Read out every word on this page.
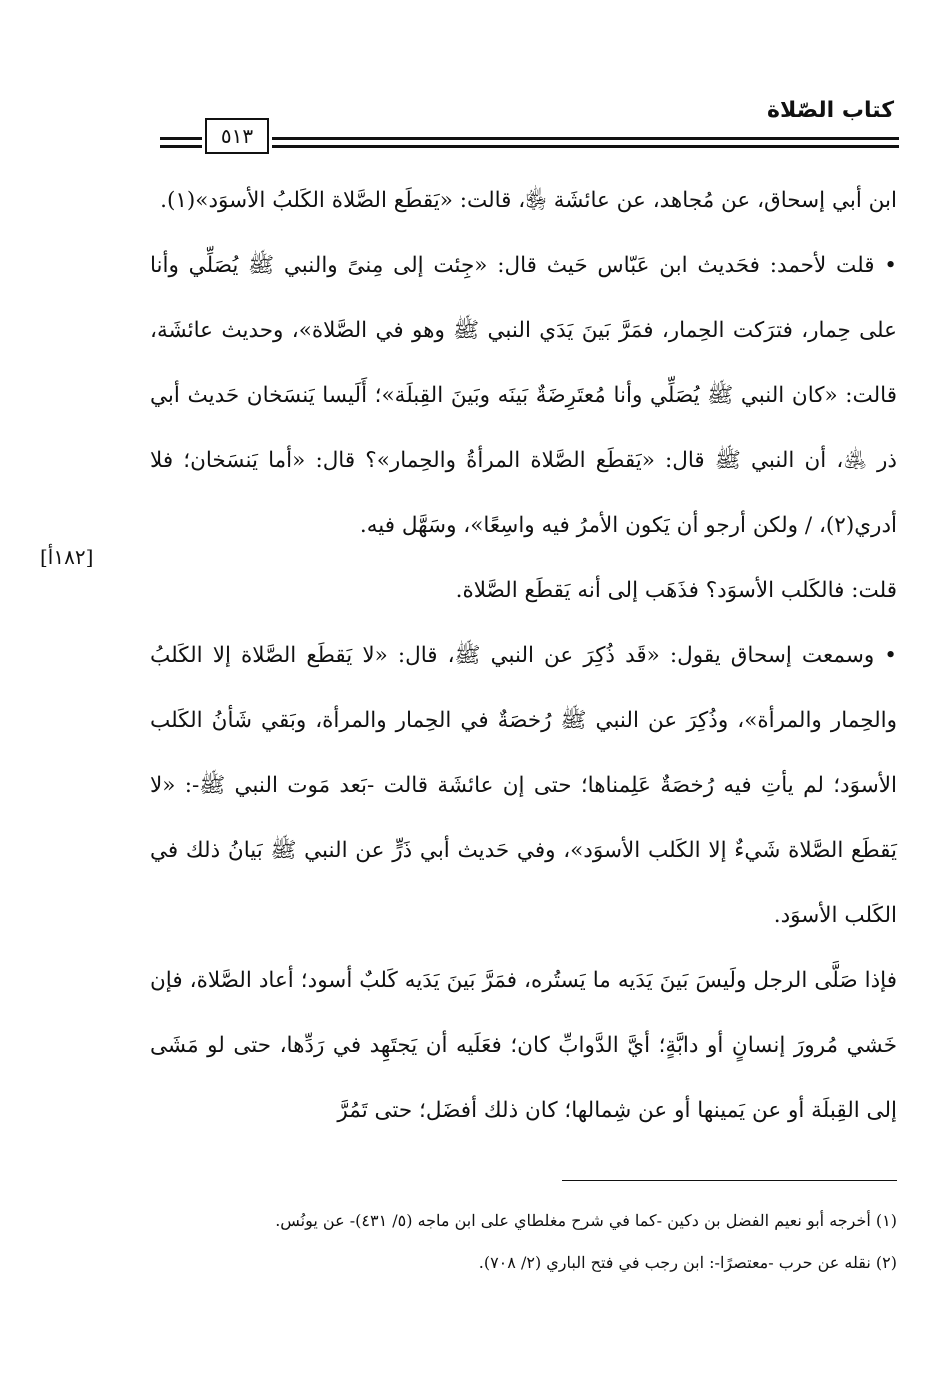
كتاب الصّلاة
٥١٣

ابن أبي إسحاق، عن مُجاهد، عن عائشَة ﵂، قالت: «يَقطَع الصَّلاة الكَلبُ الأسوَد»(١).

• قلت لأحمد: فحَديث ابن عَبّاس حَيث قال: «جِئت إلى مِنىً والنبي ﷺ يُصَلِّي وأنا على حِمار، فترَكت الحِمار، فمَرَّ بَينَ يَدَي النبي ﷺ وهو في الصَّلاة»، وحديث عائشَة، قالت: «كان النبي ﷺ يُصَلِّي وأنا مُعتَرِضَةٌ بَينَه وبَينَ القِبلَة»؛ أَلَيسا يَنسَخان حَديث أبي ذر ﵁، أن النبي ﷺ قال: «يَقطَع الصَّلاة المرأةُ والحِمار»؟ قال: «أما يَنسَخان؛ فلا أدري(٢)، / ولكن أرجو أن يَكون الأمرُ فيه واسِعًا»، وسَهَّل فيه.

قلت: فالكَلب الأسوَد؟ فذَهَب إلى أنه يَقطَع الصَّلاة.

• وسمعت إسحاق يقول: «قَد ذُكِرَ عن النبي ﷺ، قال: «لا يَقطَع الصَّلاة إلا الكَلبُ والحِمار والمرأة»، وذُكِرَ عن النبي ﷺ رُخصَةٌ في الحِمار والمرأة، وبَقي شَأنُ الكَلب الأسوَد؛ لم يأتِ فيه رُخصَةٌ عَلِمناها؛ حتى إن عائشَة قالت -بَعد مَوت النبي ﷺ-: «لا يَقطَع الصَّلاة شَيءٌ إلا الكَلب الأسوَد»، وفي حَديث أبي ذَرٍّ عن النبي ﷺ بَيانُ ذلك في الكَلب الأسوَد.

فإذا صَلَّى الرجل ولَيسَ بَينَ يَدَيه ما يَستُره، فمَرَّ بَينَ يَدَيه كَلبٌ أسود؛ أعاد الصَّلاة، فإن خَشي مُرورَ إنسانٍ أو دابَّةٍ؛ أيَّ الدَّوابِّ كان؛ فعَلَيه أن يَجتَهِد في رَدِّها، حتى لو مَشَى إلى القِبلَة أو عن يَمينها أو عن شِمالها؛ كان ذلك أفضَل؛ حتى تَمُرَّ

[١٨٢أ]

(١) أخرجه أبو نعيم الفضل بن دكين -كما في شرح مغلطاي على ابن ماجه (٥/ ٤٣١)- عن يونُس.

(٢) نقله عن حرب -معتصرًا-: ابن رجب في فتح الباري (٢/ ٧٠٨).
